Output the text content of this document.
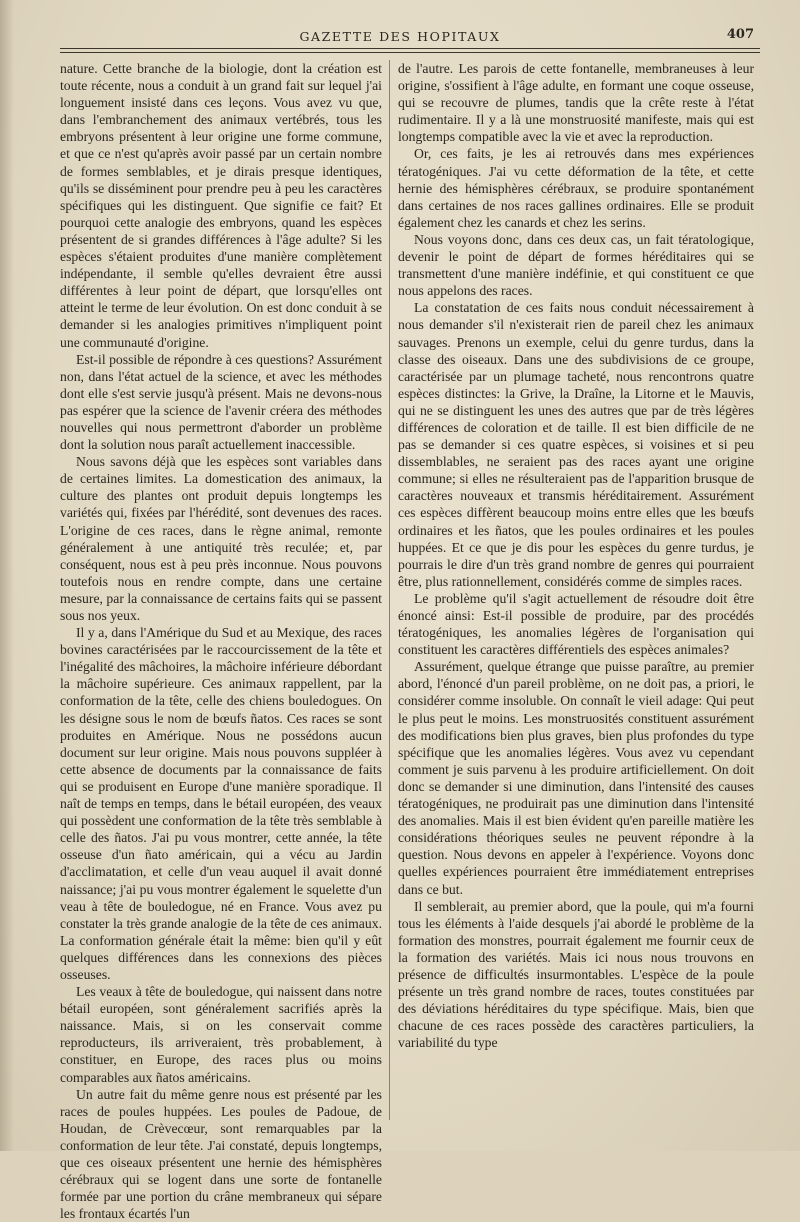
GAZETTE DES HOPITAUX	407

nature. Cette branche de la biologie, dont la création est toute récente, nous a conduit à un grand fait sur lequel j'ai longuement insisté dans ces leçons. Vous avez vu que, dans l'embranchement des animaux vertébrés, tous les embryons présentent à leur origine une forme commune, et que ce n'est qu'après avoir passé par un certain nombre de formes semblables, et je dirais presque identiques, qu'ils se disséminent pour prendre peu à peu les caractères spécifiques qui les distinguent. Que signifie ce fait? Et pourquoi cette analogie des embryons, quand les espèces présentent de si grandes différences à l'âge adulte? Si les espèces s'étaient produites d'une manière complètement indépendante, il semble qu'elles devraient être aussi différentes à leur point de départ, que lorsqu'elles ont atteint le terme de leur évolution. On est donc conduit à se demander si les analogies primitives n'impliquent point une communauté d'origine.

Est-il possible de répondre à ces questions? Assurément non, dans l'état actuel de la science, et avec les méthodes dont elle s'est servie jusqu'à présent. Mais ne devons-nous pas espérer que la science de l'avenir créera des méthodes nouvelles qui nous permettront d'aborder un problème dont la solution nous paraît actuellement inaccessible.

Nous savons déjà que les espèces sont variables dans de certaines limites. La domestication des animaux, la culture des plantes ont produit depuis longtemps les variétés qui, fixées par l'hérédité, sont devenues des races. L'origine de ces races, dans le règne animal, remonte généralement à une antiquité très reculée; et, par conséquent, nous est à peu près inconnue. Nous pouvons toutefois nous en rendre compte, dans une certaine mesure, par la connaissance de certains faits qui se passent sous nos yeux.

Il y a, dans l'Amérique du Sud et au Mexique, des races bovines caractérisées par le raccourcissement de la tête et l'inégalité des mâchoires, la mâchoire inférieure débordant la mâchoire supérieure. Ces animaux rappellent, par la conformation de la tête, celle des chiens bouledogues. On les désigne sous le nom de bœufs ñatos. Ces races se sont produites en Amérique. Nous ne possédons aucun document sur leur origine. Mais nous pouvons suppléer à cette absence de documents par la connaissance de faits qui se produisent en Europe d'une manière sporadique. Il naît de temps en temps, dans le bétail européen, des veaux qui possèdent une conformation de la tête très semblable à celle des ñatos. J'ai pu vous montrer, cette année, la tête osseuse d'un ñato américain, qui a vécu au Jardin d'acclimatation, et celle d'un veau auquel il avait donné naissance; j'ai pu vous montrer également le squelette d'un veau à tête de bouledogue, né en France. Vous avez pu constater la très grande analogie de la tête de ces animaux. La conformation générale était la même: bien qu'il y eût quelques différences dans les connexions des pièces osseuses.

Les veaux à tête de bouledogue, qui naissent dans notre bétail européen, sont généralement sacrifiés après la naissance. Mais, si on les conservait comme reproducteurs, ils arriveraient, très probablement, à constituer, en Europe, des races plus ou moins comparables aux ñatos américains.

Un autre fait du même genre nous est présenté par les races de poules huppées. Les poules de Padoue, de Houdan, de Crèvecœur, sont remarquables par la conformation de leur tête. J'ai constaté, depuis longtemps, que ces oiseaux présentent une hernie des hémisphères cérébraux qui se logent dans une sorte de fontanelle formée par une portion du crâne membraneux qui sépare les frontaux écartés l'un

de l'autre. Les parois de cette fontanelle, membraneuses à leur origine, s'ossifient à l'âge adulte, en formant une coque osseuse, qui se recouvre de plumes, tandis que la crête reste à l'état rudimentaire. Il y a là une monstruosité manifeste, mais qui est longtemps compatible avec la vie et avec la reproduction.

Or, ces faits, je les ai retrouvés dans mes expériences tératogéniques. J'ai vu cette déformation de la tête, et cette hernie des hémisphères cérébraux, se produire spontanément dans certaines de nos races gallines ordinaires. Elle se produit également chez les canards et chez les serins.

Nous voyons donc, dans ces deux cas, un fait tératologique, devenir le point de départ de formes héréditaires qui se transmettent d'une manière indéfinie, et qui constituent ce que nous appelons des races.

La constatation de ces faits nous conduit nécessairement à nous demander s'il n'existerait rien de pareil chez les animaux sauvages. Prenons un exemple, celui du genre turdus, dans la classe des oiseaux. Dans une des subdivisions de ce groupe, caractérisée par un plumage tacheté, nous rencontrons quatre espèces distinctes: la Grive, la Draîne, la Litorne et le Mauvis, qui ne se distinguent les unes des autres que par de très légères différences de coloration et de taille. Il est bien difficile de ne pas se demander si ces quatre espèces, si voisines et si peu dissemblables, ne seraient pas des races ayant une origine commune; si elles ne résulteraient pas de l'apparition brusque de caractères nouveaux et transmis héréditairement. Assurément ces espèces diffèrent beaucoup moins entre elles que les bœufs ordinaires et les ñatos, que les poules ordinaires et les poules huppées. Et ce que je dis pour les espèces du genre turdus, je pourrais le dire d'un très grand nombre de genres qui pourraient être, plus rationnellement, considérés comme de simples races.

Le problème qu'il s'agit actuellement de résoudre doit être énoncé ainsi: Est-il possible de produire, par des procédés tératogéniques, les anomalies légères de l'organisation qui constituent les caractères différentiels des espèces animales?

Assurément, quelque étrange que puisse paraître, au premier abord, l'énoncé d'un pareil problème, on ne doit pas, a priori, le considérer comme insoluble. On connaît le vieil adage: Qui peut le plus peut le moins. Les monstruosités constituent assurément des modifications bien plus graves, bien plus profondes du type spécifique que les anomalies légères. Vous avez vu cependant comment je suis parvenu à les produire artificiellement. On doit donc se demander si une diminution, dans l'intensité des causes tératogéniques, ne produirait pas une diminution dans l'intensité des anomalies. Mais il est bien évident qu'en pareille matière les considérations théoriques seules ne peuvent répondre à la question. Nous devons en appeler à l'expérience. Voyons donc quelles expériences pourraient être immédiatement entreprises dans ce but.

Il semblerait, au premier abord, que la poule, qui m'a fourni tous les éléments à l'aide desquels j'ai abordé le problème de la formation des monstres, pourrait également me fournir ceux de la formation des variétés. Mais ici nous nous trouvons en présence de difficultés insurmontables. L'espèce de la poule présente un très grand nombre de races, toutes constituées par des déviations héréditaires du type spécifique. Mais, bien que chacune de ces races possède des caractères particuliers, la variabilité du type
